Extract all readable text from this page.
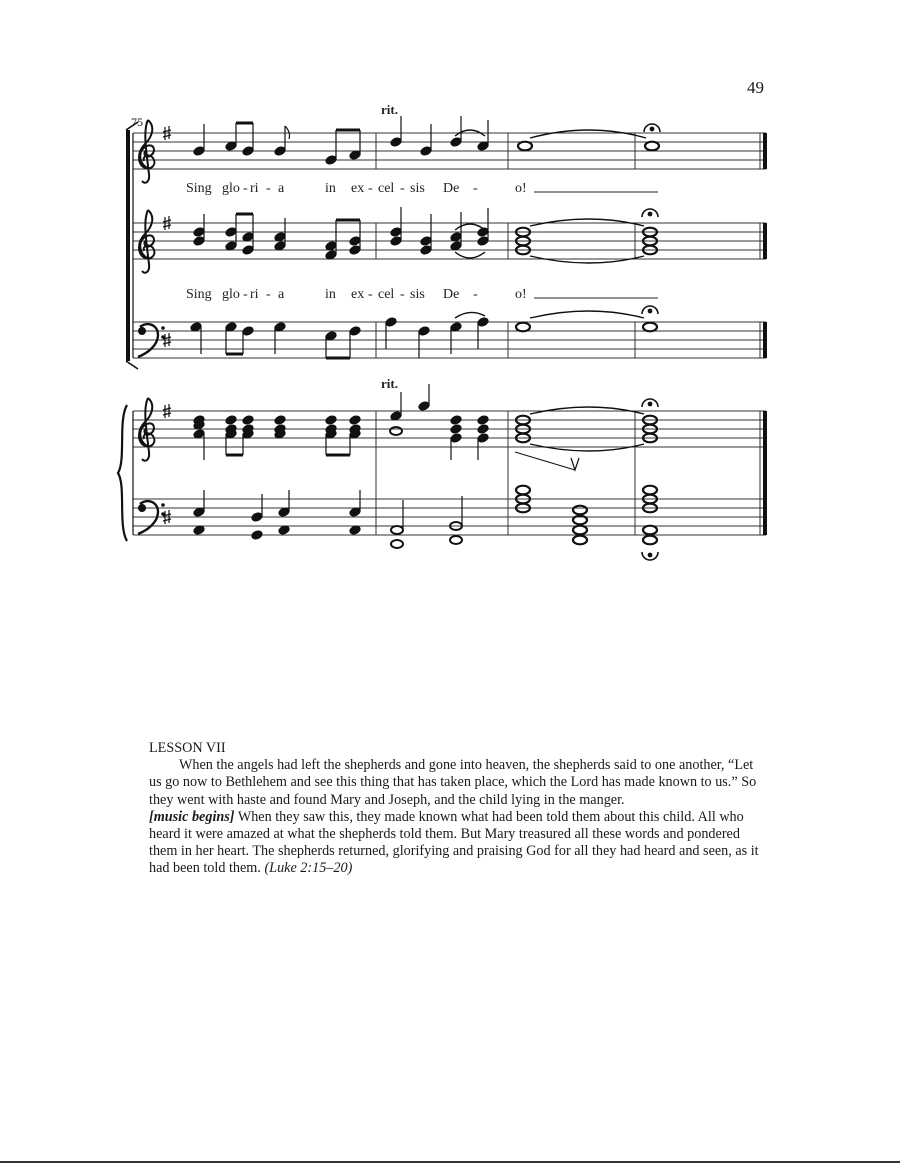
49
75
rit.
rit.
Sing glo - ri - a	in ex - cel - sis De -	o!
Sing glo - ri - a	in ex - cel - sis De -	o!
LESSON VII

When the angels had left the shepherds and gone into heaven, the shepherds said to one another, “Let us go now to Bethlehem and see this thing that has taken place, which the Lord has made known to us.” So they went with haste and found Mary and Joseph, and the child lying in the manger.
[music begins] When they saw this, they made known what had been told them about this child. All who heard it were amazed at what the shepherds told them. But Mary treasured all these words and pondered them in her heart. The shepherds returned, glorifying and praising God for all they had heard and seen, as it had been told them. (Luke 2:15–20)
